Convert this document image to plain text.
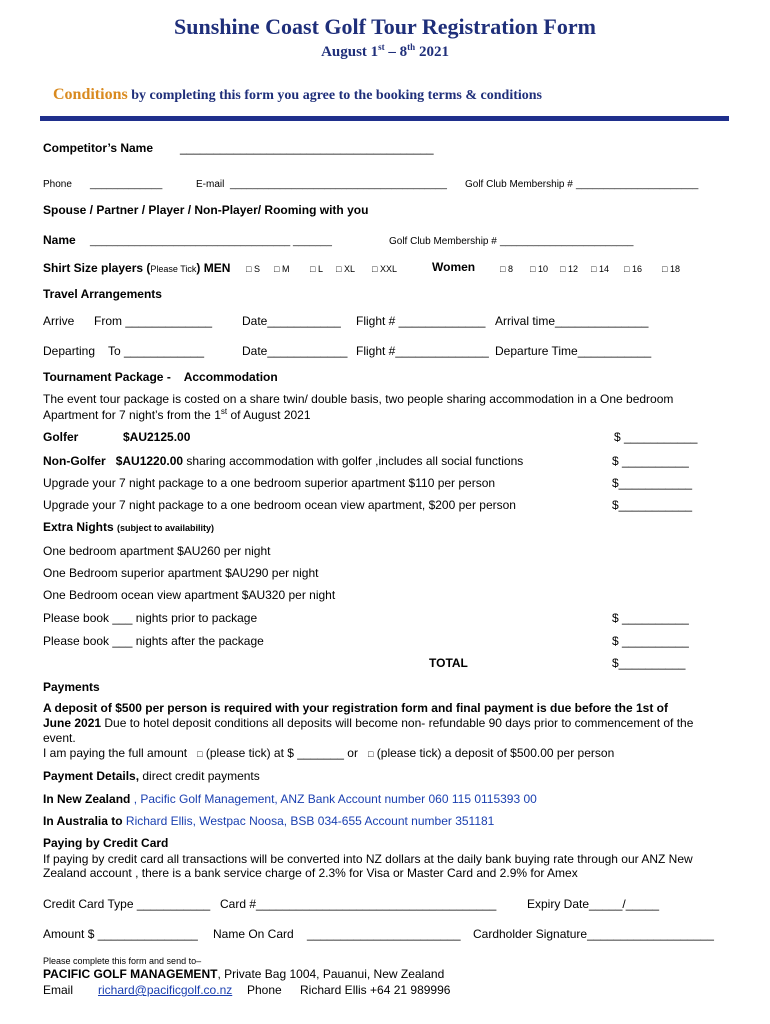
Sunshine Coast Golf Tour Registration Form
August 1st – 8th 2021
Conditions by completing this form you agree to the booking terms & conditions
Competitor’s Name ______________________________________
Phone _____________	E-mail _______________________________________ Golf Club Membership # ______________________
Spouse / Partner / Player / Non-Player/ Rooming with you
Name ____________________________________ _______	Golf Club Membership # ________________________
Shirt Size players (Please Tick) MEN □ S □ M □ L □ XL □ XXL	Women	□ 8 □ 10 □ 12 □ 14 □ 16 □ 18
Travel Arrangements
Arrive From _____________ Date___________ Flight # _____________ Arrival time______________
Departing To ____________	Date____________ Flight #______________ Departure Time___________
Tournament Package -    Accommodation
The event tour package is costed on a share twin/ double basis, two people sharing accommodation in a One bedroom
Apartment for 7 night’s from the 1st of August 2021
Golfer	$AU2125.00	$ ___________
Non-Golfer $AU1220.00 sharing accommodation with golfer ,includes all social functions	$ __________
Upgrade your 7 night package to a one bedroom superior apartment $110 per person	$___________
Upgrade your 7 night package to a one bedroom ocean view apartment, $200 per person	$___________
Extra Nights (subject to availability)
One bedroom apartment $AU260 per night
One Bedroom superior apartment $AU290 per night
One Bedroom ocean view apartment $AU320 per night
Please book ___ nights prior to package	$ __________
Please book ___ nights after the package	$ __________
TOTAL	$__________
Payments
A deposit of $500 per person is required with your registration form and final payment is due before the 1st of
June 2021 Due to hotel deposit conditions all deposits will become non- refundable 90 days prior to commencement of the
event.
I am paying the full amount □ (please tick) at $ _______ or □ (please tick) a deposit of $500.00 per person
Payment Details, direct credit payments
In New Zealand , Pacific Golf Management, ANZ Bank Account number 060 115 0115393 00
In Australia to Richard Ellis, Westpac Noosa, BSB 034-655 Account number 351181
Paying by Credit Card
If paying by credit card all transactions will be converted into NZ dollars at the daily bank buying rate through our ANZ New
Zealand account , there is a bank service charge of 2.3% for Visa or Master Card and 2.9% for Amex
Credit Card Type ___________ Card #____________________________________	Expiry Date_____/_____
Amount $ _______________ Name On Card    _______________________ Cardholder Signature___________________
Please complete this form and send to–
PACIFIC GOLF MANAGEMENT, Private Bag 1004, Pauanui, New Zealand
Email richard@pacificgolf.co.nz Phone Richard Ellis +64 21 989996
